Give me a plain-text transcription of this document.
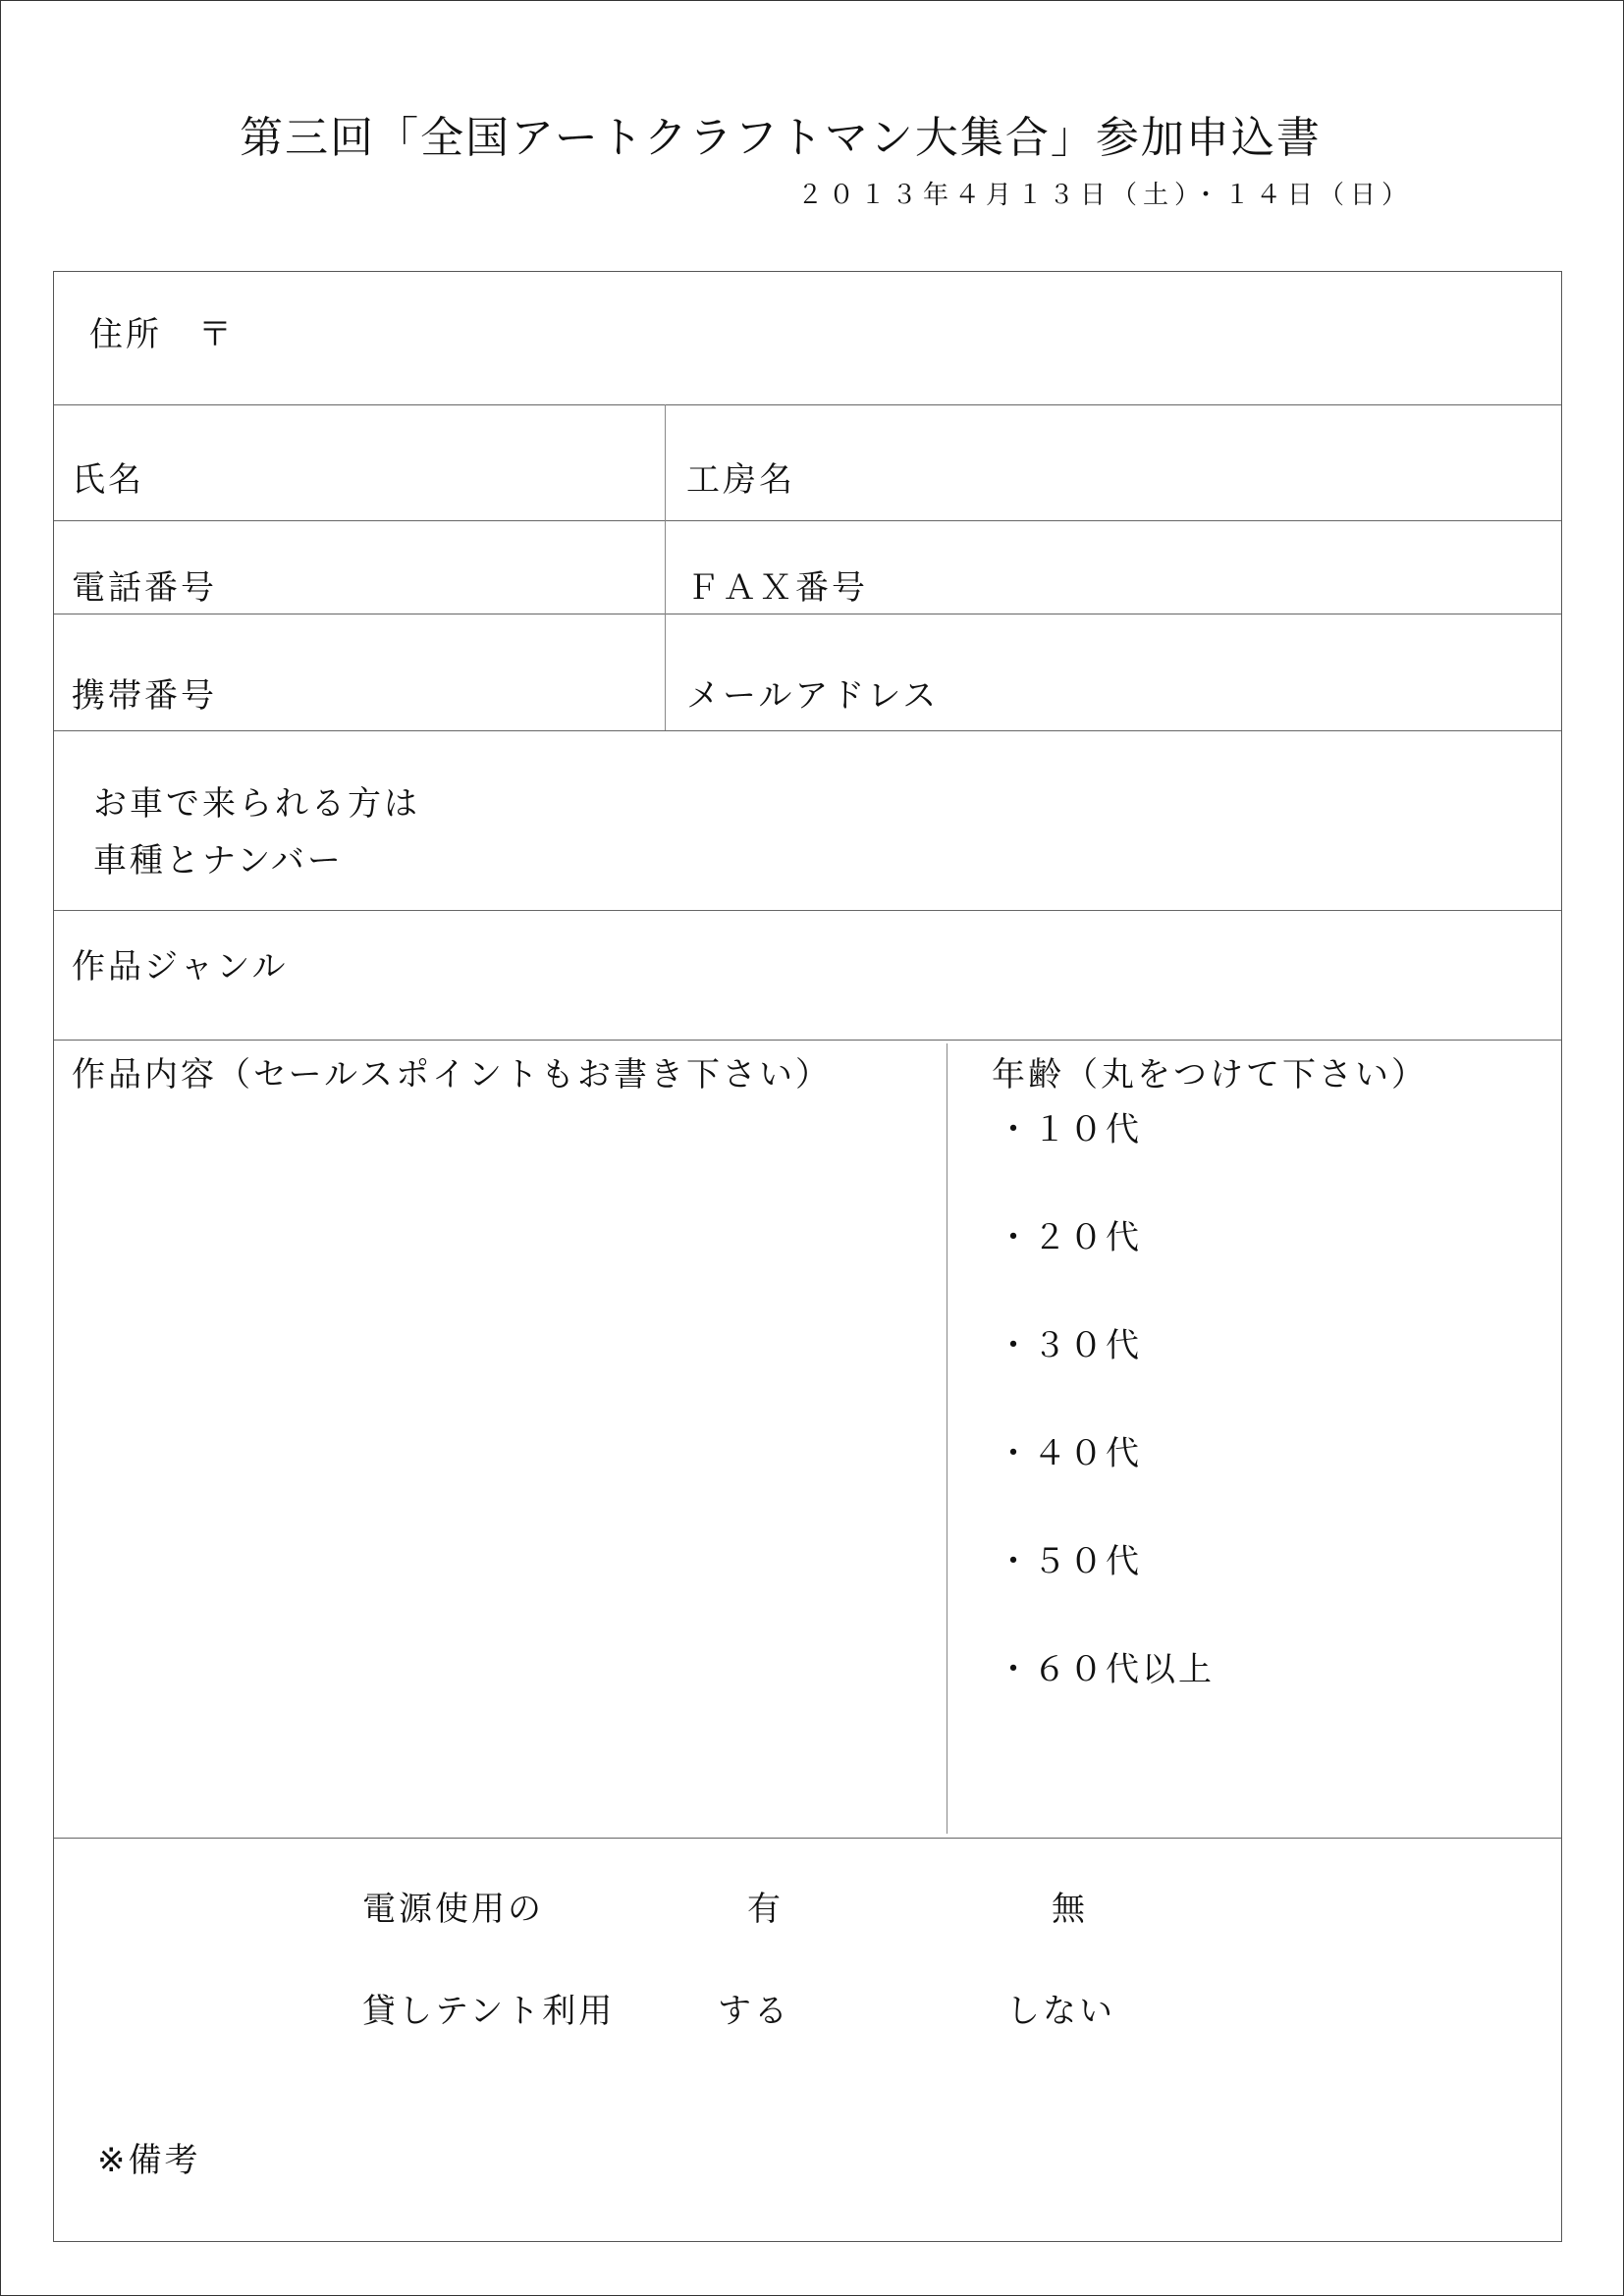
第三回「全国アートクラフトマン大集合」参加申込書
２０１３年４月１３日（土）・１４日（日）
住所　〒
氏名	工房名
電話番号	ＦＡＸ番号
携帯番号	メールアドレス
お車で来られる方は
車種とナンバー
作品ジャンル
作品内容（セールスポイントもお書き下さい）	年齢（丸をつけて下さい）
・１０代
・２０代
・３０代
・４０代
・５０代
・６０代以上
電源使用の	有	無
貸しテント利用	する	しない
※備考
